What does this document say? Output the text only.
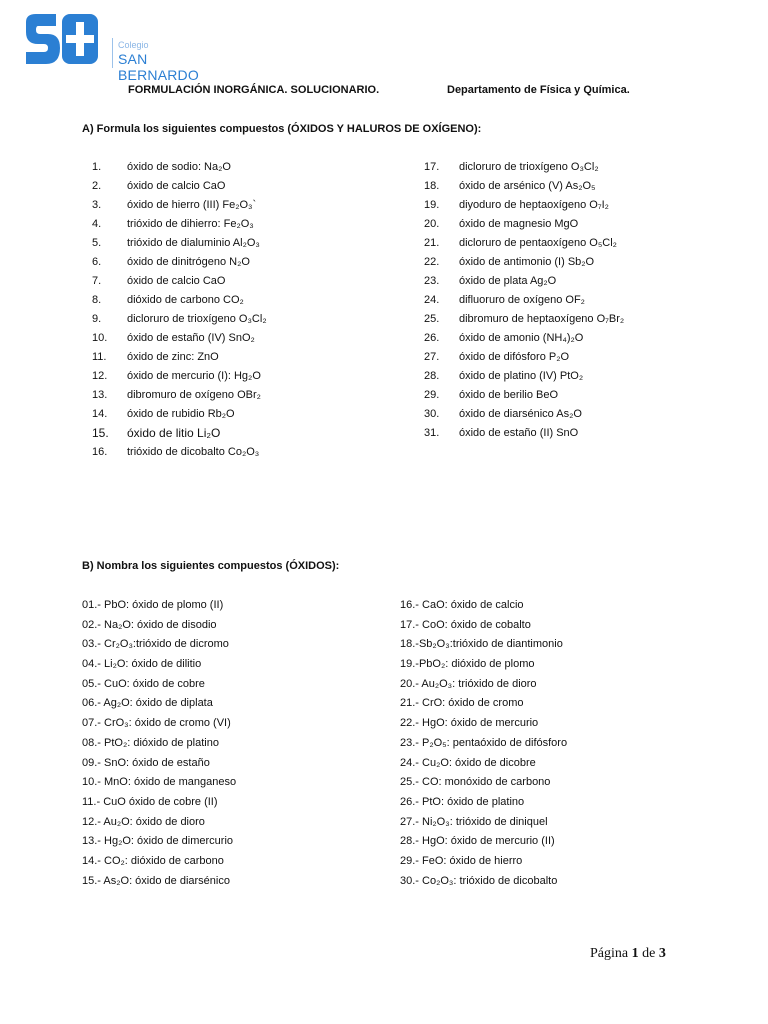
Colegio
SAN BERNARDO
FORMULACIÓN INORGÁNICA. SOLUCIONARIO.	Departamento de Física y Química.
A) Formula los siguientes compuestos (ÓXIDOS Y HALUROS DE OXÍGENO):
1. óxido de sodio: Na₂O
2. óxido de calcio CaO
3. óxido de hierro (III) Fe₂O₃`
4. trióxido de dihierro: Fe₂O₃
5. trióxido de dialuminio Al₂O₃
6. óxido de dinitrógeno N₂O
7. óxido de calcio CaO
8. dióxido de carbono CO₂
9. dicloruro de trioxígeno O₃Cl₂
10. óxido de estaño (IV) SnO₂
11. óxido de zinc: ZnO
12. óxido de mercurio (I): Hg₂O
13. dibromuro de oxígeno OBr₂
14. óxido de rubidio Rb₂O
15. óxido de litio Li₂O
16. trióxido de dicobalto Co₂O₃
17. dicloruro de trioxígeno O₃Cl₂
18. óxido de arsénico (V) As₂O₅
19. diyoduro de heptaoxígeno O₇I₂
20. óxido de magnesio MgO
21. dicloruro de pentaoxígeno O₅Cl₂
22. óxido de antimonio (I) Sb₂O
23. óxido de plata Ag₂O
24. difluoruro de oxígeno OF₂
25. dibromuro de heptaoxígeno O₇Br₂
26. óxido de amonio (NH₄)₂O
27. óxido de difósforo P₂O
28. óxido de platino (IV) PtO₂
29. óxido de berilio BeO
30. óxido de diarsénico As₂O
31. óxido de estaño (II) SnO
B) Nombra los siguientes compuestos (ÓXIDOS):
01.- PbO: óxido de plomo (II)
02.- Na₂O: óxido de disodio
03.- Cr₂O₃:trióxido de dicromo
04.- Li₂O: óxido de dilitio
05.- CuO: óxido de cobre
06.- Ag₂O: óxido de diplata
07.- CrO₃: óxido de cromo (VI)
08.- PtO₂: dióxido de platino
09.- SnO: óxido de estaño
10.- MnO: óxido de manganeso
11.- CuO óxido de cobre (II)
12.- Au₂O: óxido de dioro
13.- Hg₂O: óxido de dimercurio
14.- CO₂: dióxido de carbono
15.- As₂O: óxido de diarsénico
16.- CaO: óxido de calcio
17.- CoO: óxido de cobalto
18.-Sb₂O₃:trióxido de diantimonio
19.-PbO₂: dióxido de plomo
20.- Au₂O₃: trióxido de dioro
21.- CrO: óxido de cromo
22.- HgO: óxido de mercurio
23.- P₂O₅: pentaóxido de difósforo
24.- Cu₂O: óxido de dicobre
25.- CO: monóxido de carbono
26.- PtO: óxido de platino
27.- Ni₂O₃: trióxido de diniquel
28.- HgO: óxido de mercurio (II)
29.- FeO: óxido de hierro
30.- Co₂O₃: trióxido de dicobalto
Página 1 de 3
